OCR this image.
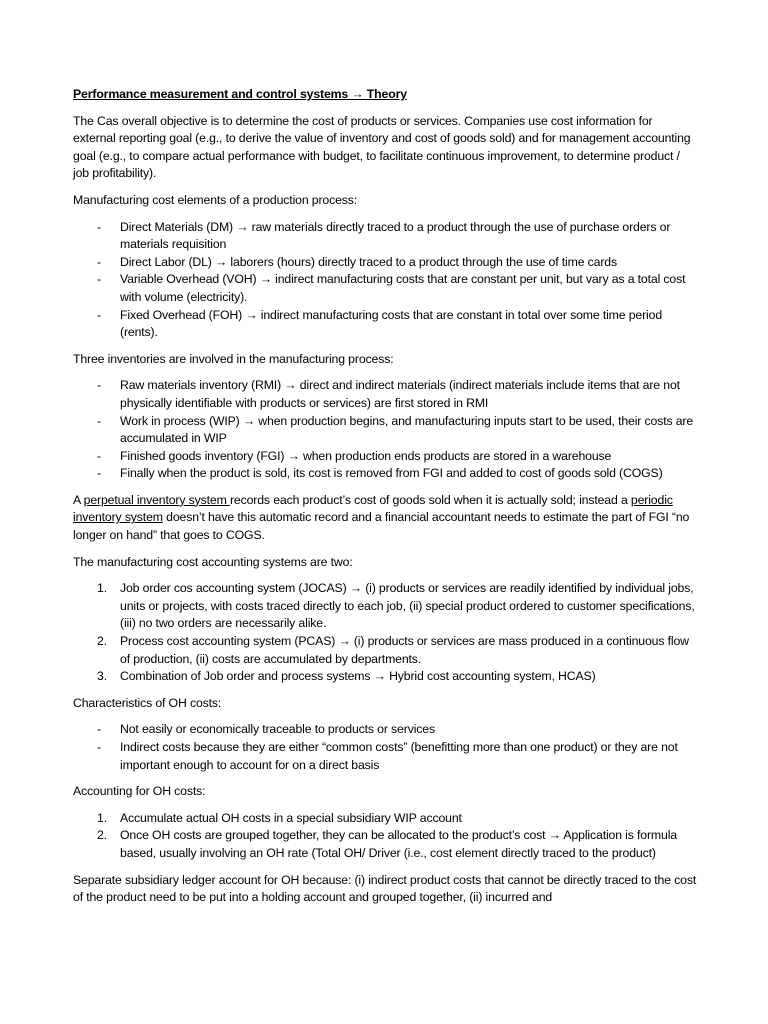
Performance measurement and control systems → Theory

The Cas overall objective is to determine the cost of products or services. Companies use cost information for external reporting goal (e.g., to derive the value of inventory and cost of goods sold) and for management accounting goal (e.g., to compare actual performance with budget, to facilitate continuous improvement, to determine product / job profitability).

Manufacturing cost elements of a production process:

- Direct Materials (DM) → raw materials directly traced to a product through the use of purchase orders or materials requisition
- Direct Labor (DL) → laborers (hours) directly traced to a product through the use of time cards
- Variable Overhead (VOH) → indirect manufacturing costs that are constant per unit, but vary as a total cost with volume (electricity).
- Fixed Overhead (FOH) → indirect manufacturing costs that are constant in total over some time period (rents).

Three inventories are involved in the manufacturing process:

- Raw materials inventory (RMI) → direct and indirect materials (indirect materials include items that are not physically identifiable with products or services) are first stored in RMI
- Work in process (WIP) → when production begins, and manufacturing inputs start to be used, their costs are accumulated in WIP
- Finished goods inventory (FGI) → when production ends products are stored in a warehouse
- Finally when the product is sold, its cost is removed from FGI and added to cost of goods sold (COGS)

A perpetual inventory system records each product’s cost of goods sold when it is actually sold; instead a periodic inventory system doesn’t have this automatic record and a financial accountant needs to estimate the part of FGI “no longer on hand” that goes to COGS.

The manufacturing cost accounting systems are two:

1. Job order cos accounting system (JOCAS) → (i) products or services are readily identified by individual jobs, units or projects, with costs traced directly to each job, (ii) special product ordered to customer specifications, (iii) no two orders are necessarily alike.
2. Process cost accounting system (PCAS) → (i) products or services are mass produced in a continuous flow of production, (ii) costs are accumulated by departments.
3. Combination of Job order and process systems → Hybrid cost accounting system, HCAS)

Characteristics of OH costs:

- Not easily or economically traceable to products or services
- Indirect costs because they are either “common costs” (benefitting more than one product) or they are not important enough to account for on a direct basis

Accounting for OH costs:

1. Accumulate actual OH costs in a special subsidiary WIP account
2. Once OH costs are grouped together, they can be allocated to the product’s cost → Application is formula based, usually involving an OH rate (Total OH/ Driver (i.e., cost element directly traced to the product)

Separate subsidiary ledger account for OH because: (i) indirect product costs that cannot be directly traced to the cost of the product need to be put into a holding account and grouped together, (ii) incurred and
